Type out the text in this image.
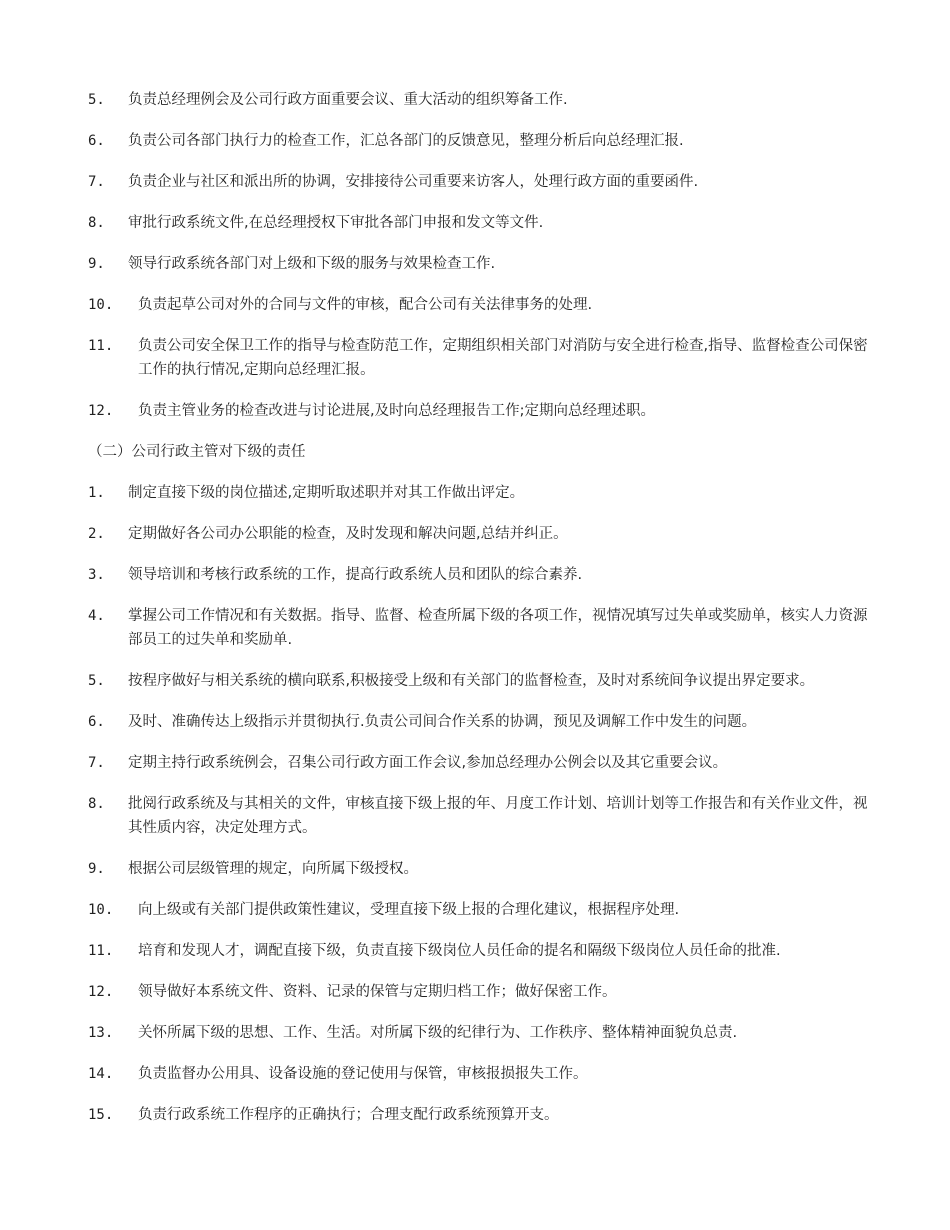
5.	负责总经理例会及公司行政方面重要会议、重大活动的组织筹备工作.
6.	负责公司各部门执行力的检查工作，汇总各部门的反馈意见，整理分析后向总经理汇报.
7.	负责企业与社区和派出所的协调，安排接待公司重要来访客人，处理行政方面的重要函件.
8.	审批行政系统文件,在总经理授权下审批各部门申报和发文等文件.
9.	领导行政系统各部门对上级和下级的服务与效果检查工作.
10.	负责起草公司对外的合同与文件的审核，配合公司有关法律事务的处理.
11.	负责公司安全保卫工作的指导与检查防范工作，定期组织相关部门对消防与安全进行检查,指导、监督检查公司保密工作的执行情况,定期向总经理汇报。
12.	负责主管业务的检查改进与讨论进展,及时向总经理报告工作;定期向总经理述职。
（二）公司行政主管对下级的责任
1.	制定直接下级的岗位描述,定期听取述职并对其工作做出评定。
2.	定期做好各公司办公职能的检查，及时发现和解决问题,总结并纠正。
3.	领导培训和考核行政系统的工作，提高行政系统人员和团队的综合素养.
4.	掌握公司工作情况和有关数据。指导、监督、检查所属下级的各项工作，视情况填写过失单或奖励单，核实人力资源部员工的过失单和奖励单.
5.	按程序做好与相关系统的横向联系,积极接受上级和有关部门的监督检查，及时对系统间争议提出界定要求。
6.	及时、准确传达上级指示并贯彻执行.负责公司间合作关系的协调，预见及调解工作中发生的问题。
7.	定期主持行政系统例会，召集公司行政方面工作会议,参加总经理办公例会以及其它重要会议。
8.	批阅行政系统及与其相关的文件，审核直接下级上报的年、月度工作计划、培训计划等工作报告和有关作业文件，视其性质内容，决定处理方式。
9.	根据公司层级管理的规定，向所属下级授权。
10.	向上级或有关部门提供政策性建议，受理直接下级上报的合理化建议，根据程序处理.
11.	培育和发现人才，调配直接下级，负责直接下级岗位人员任命的提名和隔级下级岗位人员任命的批准.
12.	领导做好本系统文件、资料、记录的保管与定期归档工作；做好保密工作。
13.	关怀所属下级的思想、工作、生活。对所属下级的纪律行为、工作秩序、整体精神面貌负总责.
14.	负责监督办公用具、设备设施的登记使用与保管，审核报损报失工作。
15.	负责行政系统工作程序的正确执行；合理支配行政系统预算开支。
